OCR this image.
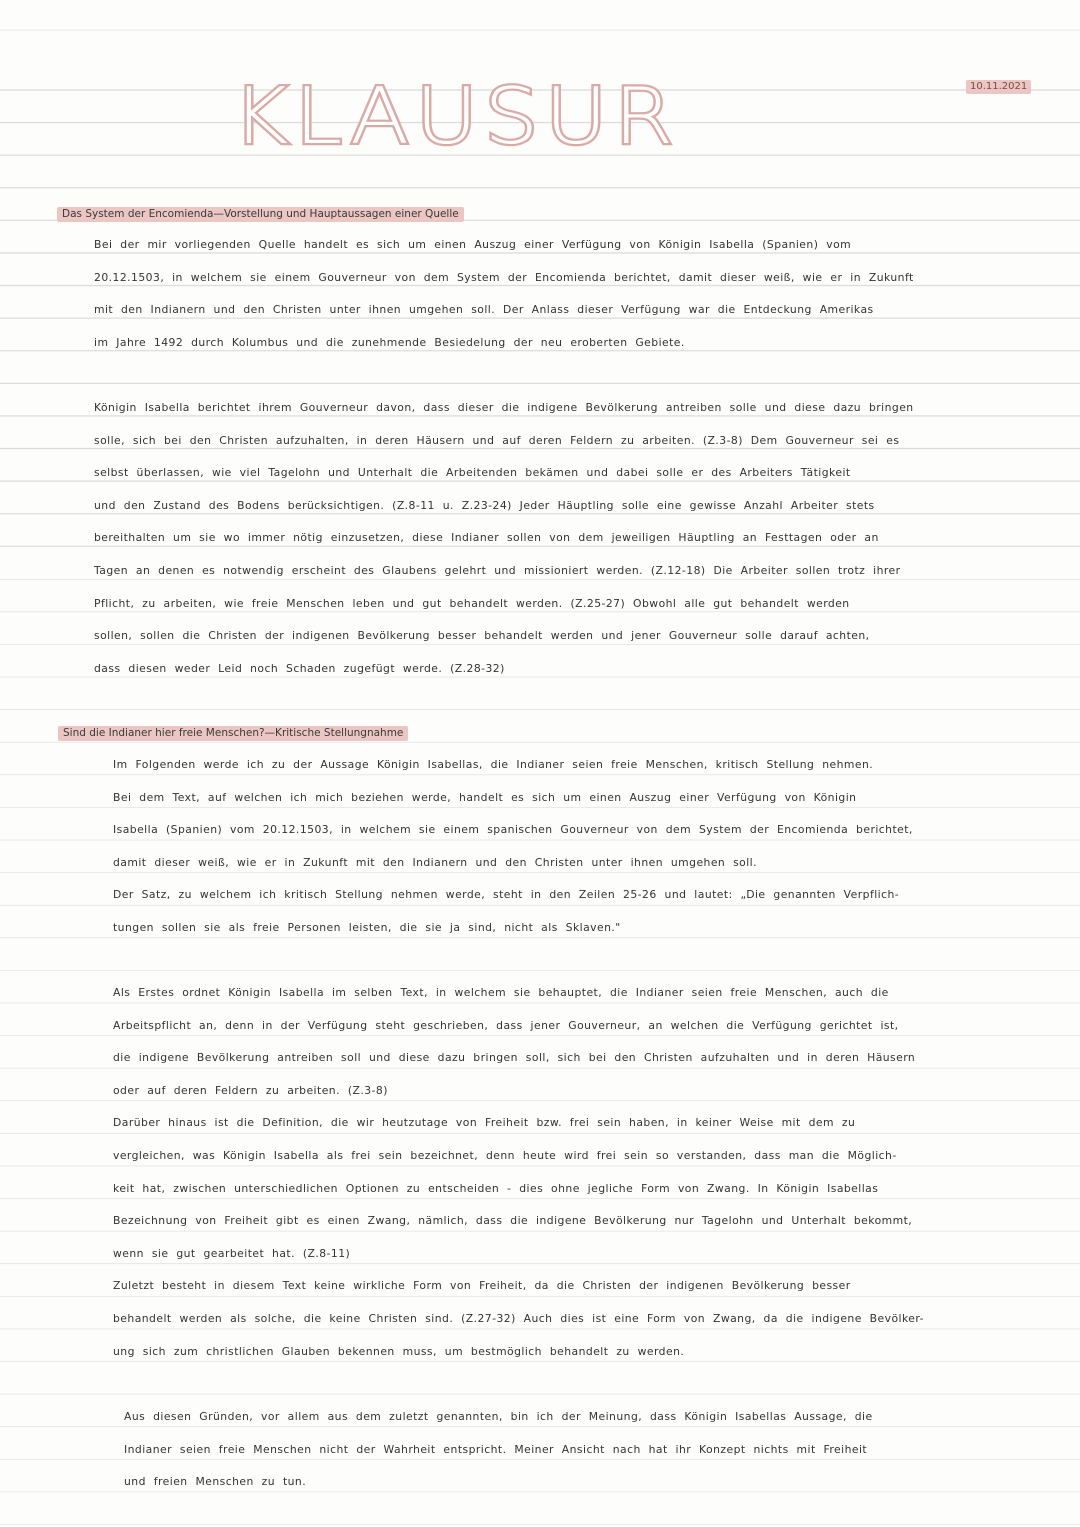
KLAUSUR	10.11.2021
Das System der Encomienda—Vorstellung und Hauptaussagen einer Quelle
Bei der mir vorliegenden Quelle handelt es sich um einen Auszug einer Verfügung von Königin Isabella (Spanien) vom
20.12.1503, in welchem sie einem Gouverneur von dem System der Encomienda berichtet, damit dieser weiß, wie er in Zukunft
mit den Indianern und den Christen unter ihnen umgehen soll. Der Anlass dieser Verfügung war die Entdeckung Amerikas
im Jahre 1492 durch Kolumbus und die zunehmende Besiedelung der neu eroberten Gebiete.
Königin Isabella berichtet ihrem Gouverneur davon, dass dieser die indigene Bevölkerung antreiben solle und diese dazu bringen
solle, sich bei den Christen aufzuhalten, in deren Häusern und auf deren Feldern zu arbeiten. (Z.3-8) Dem Gouverneur sei es
selbst überlassen, wie viel Tagelohn und Unterhalt die Arbeitenden bekämen und dabei solle er des Arbeiters Tätigkeit
und den Zustand des Bodens berücksichtigen. (Z.8-11 u. Z.23-24) Jeder Häuptling solle eine gewisse Anzahl Arbeiter stets
bereithalten um sie wo immer nötig einzusetzen, diese Indianer sollen von dem jeweiligen Häuptling an Festtagen oder an
Tagen an denen es notwendig erscheint des Glaubens gelehrt und missioniert werden. (Z.12-18) Die Arbeiter sollen trotz ihrer
Pflicht, zu arbeiten, wie freie Menschen leben und gut behandelt werden. (Z.25-27) Obwohl alle gut behandelt werden
sollen, sollen die Christen der indigenen Bevölkerung besser behandelt werden und jener Gouverneur solle darauf achten,
dass diesen weder Leid noch Schaden zugefügt werde. (Z.28-32)
Sind die Indianer hier freie Menschen?—Kritische Stellungnahme
Im Folgenden werde ich zu der Aussage Königin Isabellas, die Indianer seien freie Menschen, kritisch Stellung nehmen.
Bei dem Text, auf welchen ich mich beziehen werde, handelt es sich um einen Auszug einer Verfügung von Königin
Isabella (Spanien) vom 20.12.1503, in welchem sie einem spanischen Gouverneur von dem System der Encomienda berichtet,
damit dieser weiß, wie er in Zukunft mit den Indianern und den Christen unter ihnen umgehen soll.
Der Satz, zu welchem ich kritisch Stellung nehmen werde, steht in den Zeilen 25-26 und lautet: „Die genannten Verpflich-
tungen sollen sie als freie Personen leisten, die sie ja sind, nicht als Sklaven."
Als Erstes ordnet Königin Isabella im selben Text, in welchem sie behauptet, die Indianer seien freie Menschen, auch die
Arbeitspflicht an, denn in der Verfügung steht geschrieben, dass jener Gouverneur, an welchen die Verfügung gerichtet ist,
die indigene Bevölkerung antreiben soll und diese dazu bringen soll, sich bei den Christen aufzuhalten und in deren Häusern
oder auf deren Feldern zu arbeiten. (Z.3-8)
Darüber hinaus ist die Definition, die wir heutzutage von Freiheit bzw. frei sein haben, in keiner Weise mit dem zu
vergleichen, was Königin Isabella als frei sein bezeichnet, denn heute wird frei sein so verstanden, dass man die Möglich-
keit hat, zwischen unterschiedlichen Optionen zu entscheiden - dies ohne jegliche Form von Zwang. In Königin Isabellas
Bezeichnung von Freiheit gibt es einen Zwang, nämlich, dass die indigene Bevölkerung nur Tagelohn und Unterhalt bekommt,
wenn sie gut gearbeitet hat. (Z.8-11)
Zuletzt besteht in diesem Text keine wirkliche Form von Freiheit, da die Christen der indigenen Bevölkerung besser
behandelt werden als solche, die keine Christen sind. (Z.27-32) Auch dies ist eine Form von Zwang, da die indigene Bevölker-
ung sich zum christlichen Glauben bekennen muss, um bestmöglich behandelt zu werden.
Aus diesen Gründen, vor allem aus dem zuletzt genannten, bin ich der Meinung, dass Königin Isabellas Aussage, die
Indianer seien freie Menschen nicht der Wahrheit entspricht. Meiner Ansicht nach hat ihr Konzept nichts mit Freiheit
und freien Menschen zu tun.
